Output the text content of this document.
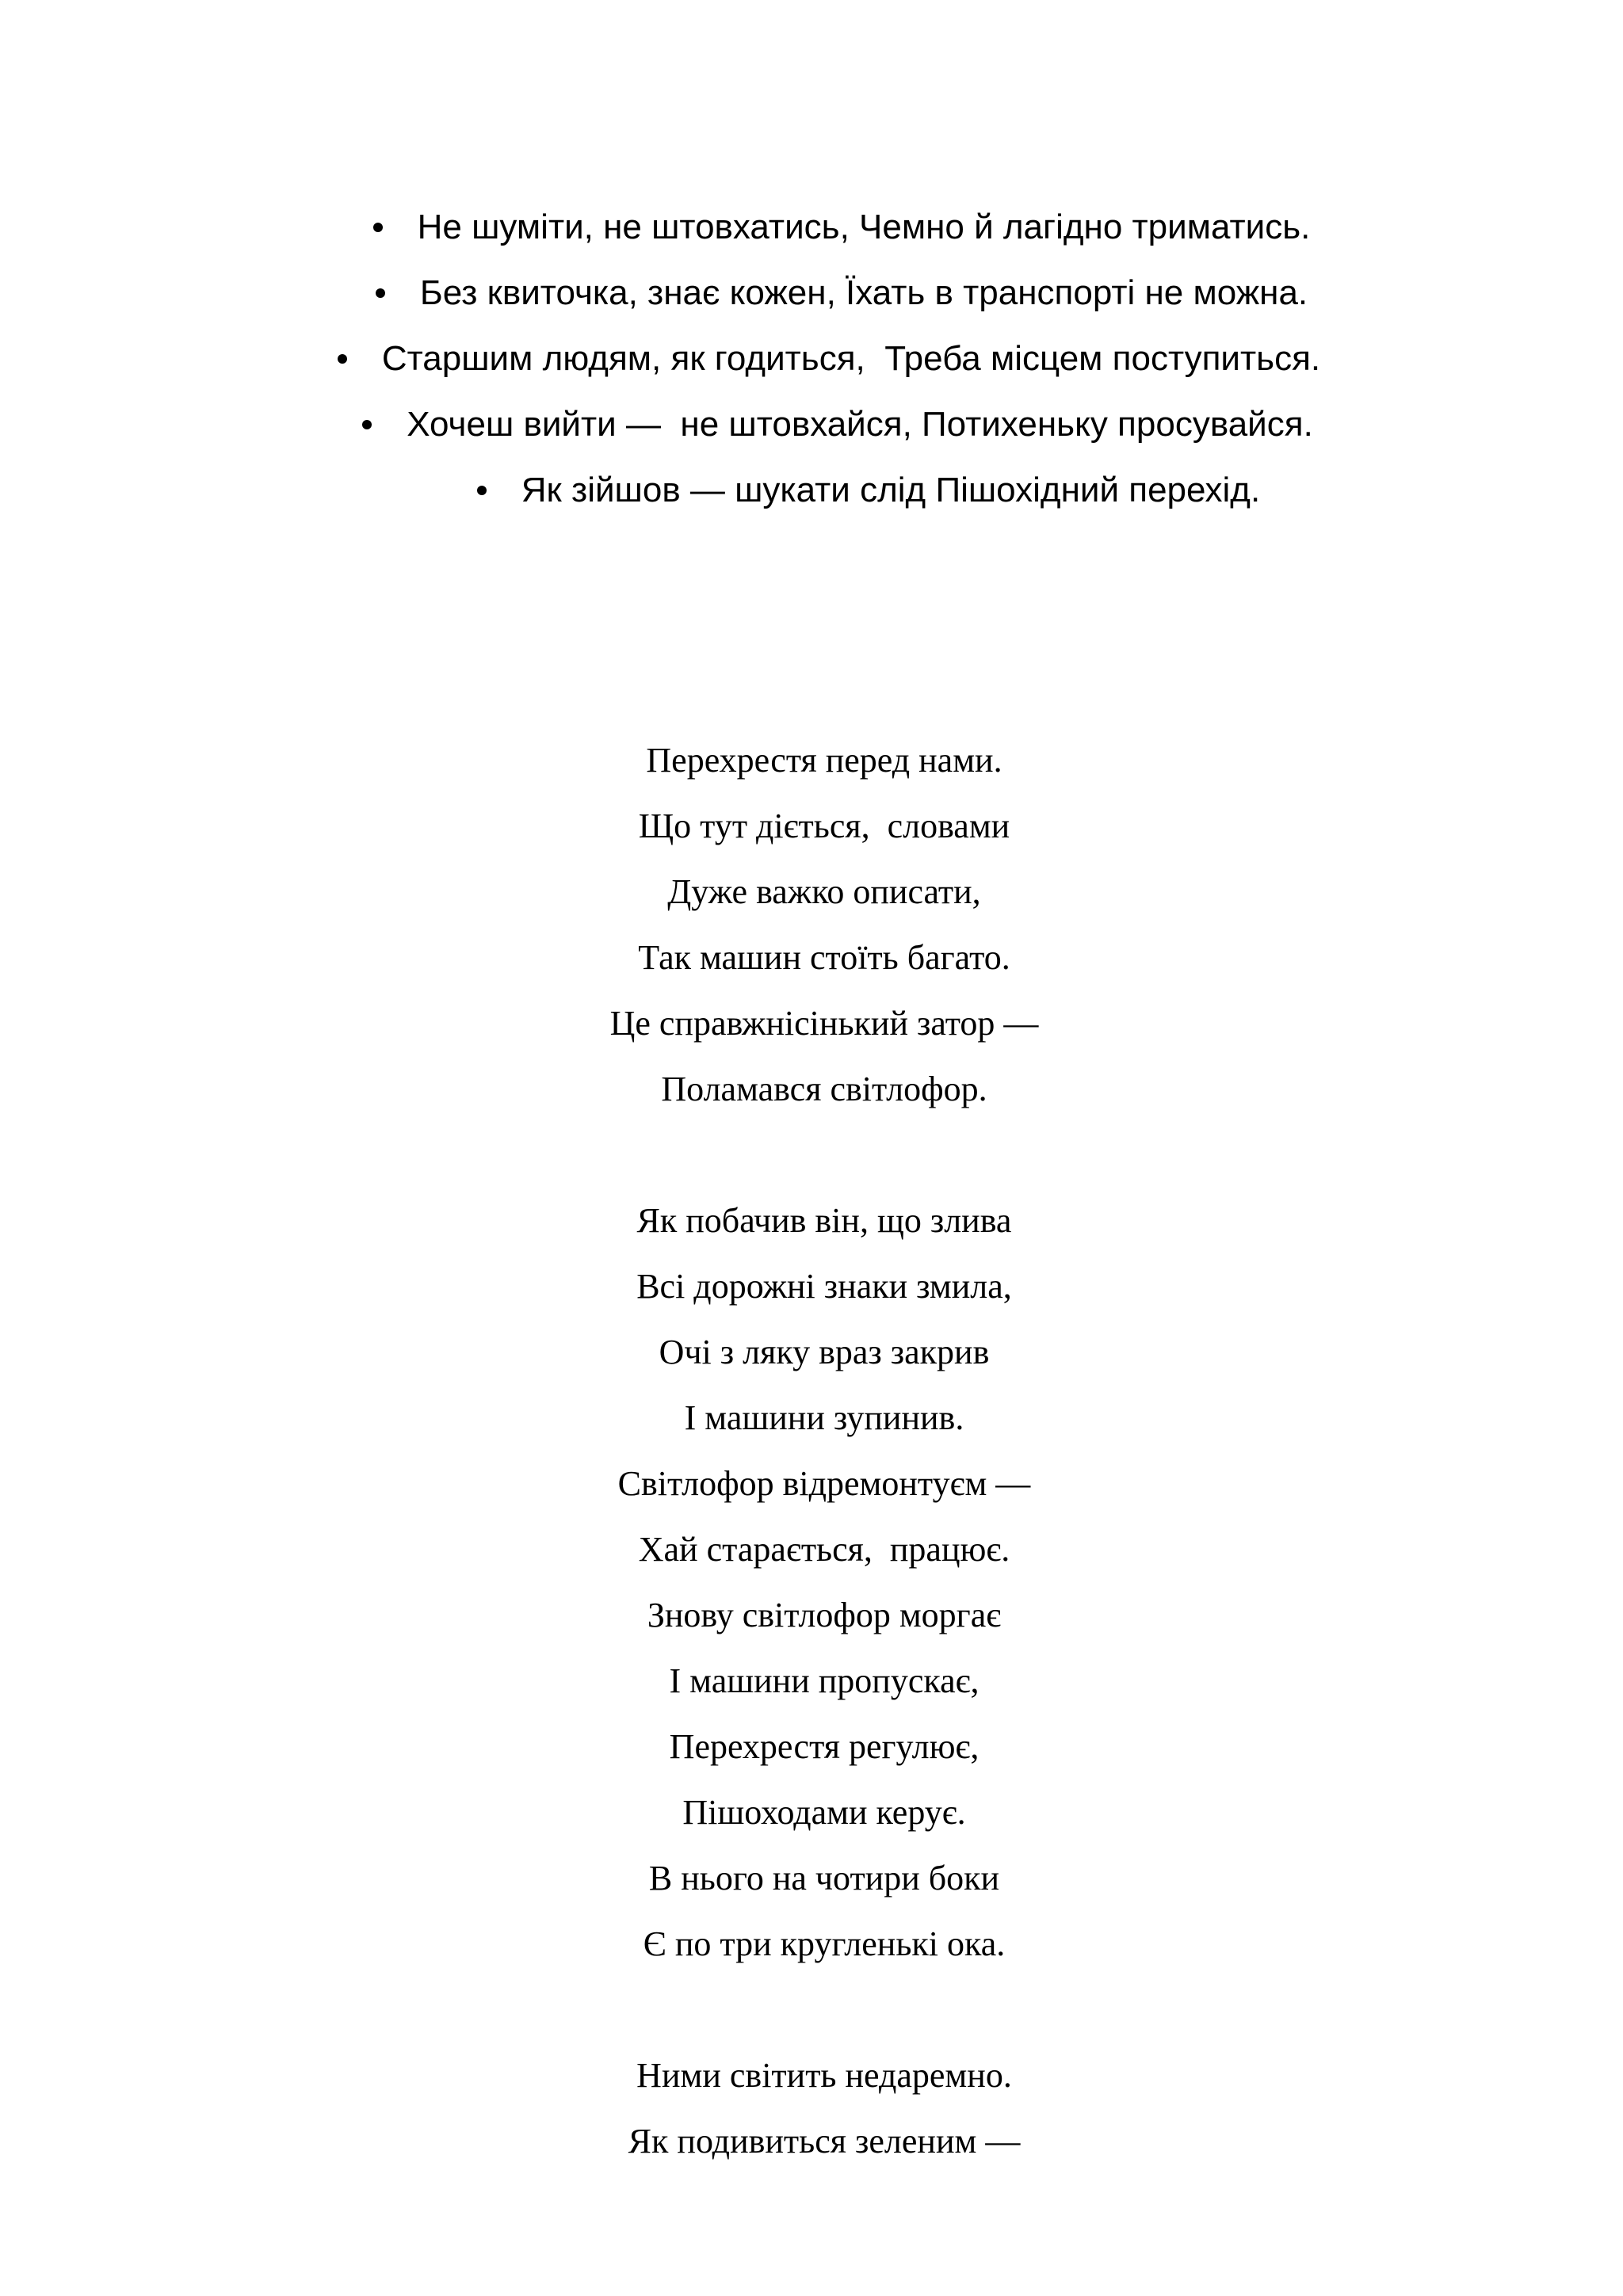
Не шуміти, не штовхатись, Чемно й лагідно триматись.
Без квиточка, знає кожен, Їхать в транспорті не можна.
Старшим людям, як годиться,  Треба місцем поступиться.
Хочеш вийти —  не штовхайся, Потихеньку просувайся.
Як зійшов — шукати слід Пішохідний перехід.
Перехрестя перед нами.
Що тут діється,  словами
Дуже важко описати,
Так машин стоїть багато.
Це справжнісінький затор —
Поламався світлофор.
Як побачив він, що злива
Всі дорожні знаки змила,
Очі з ляку враз закрив
І машини зупинив.
Світлофор відремонтуєм —
Хай старається,  працює.
Знову світлофор моргає
І машини пропускає,
Перехрестя регулює,
Пішоходами керує.
В нього на чотири боки
Є по три кругленькі ока.
Ними світить недаремно.
Як подивиться зеленим —
